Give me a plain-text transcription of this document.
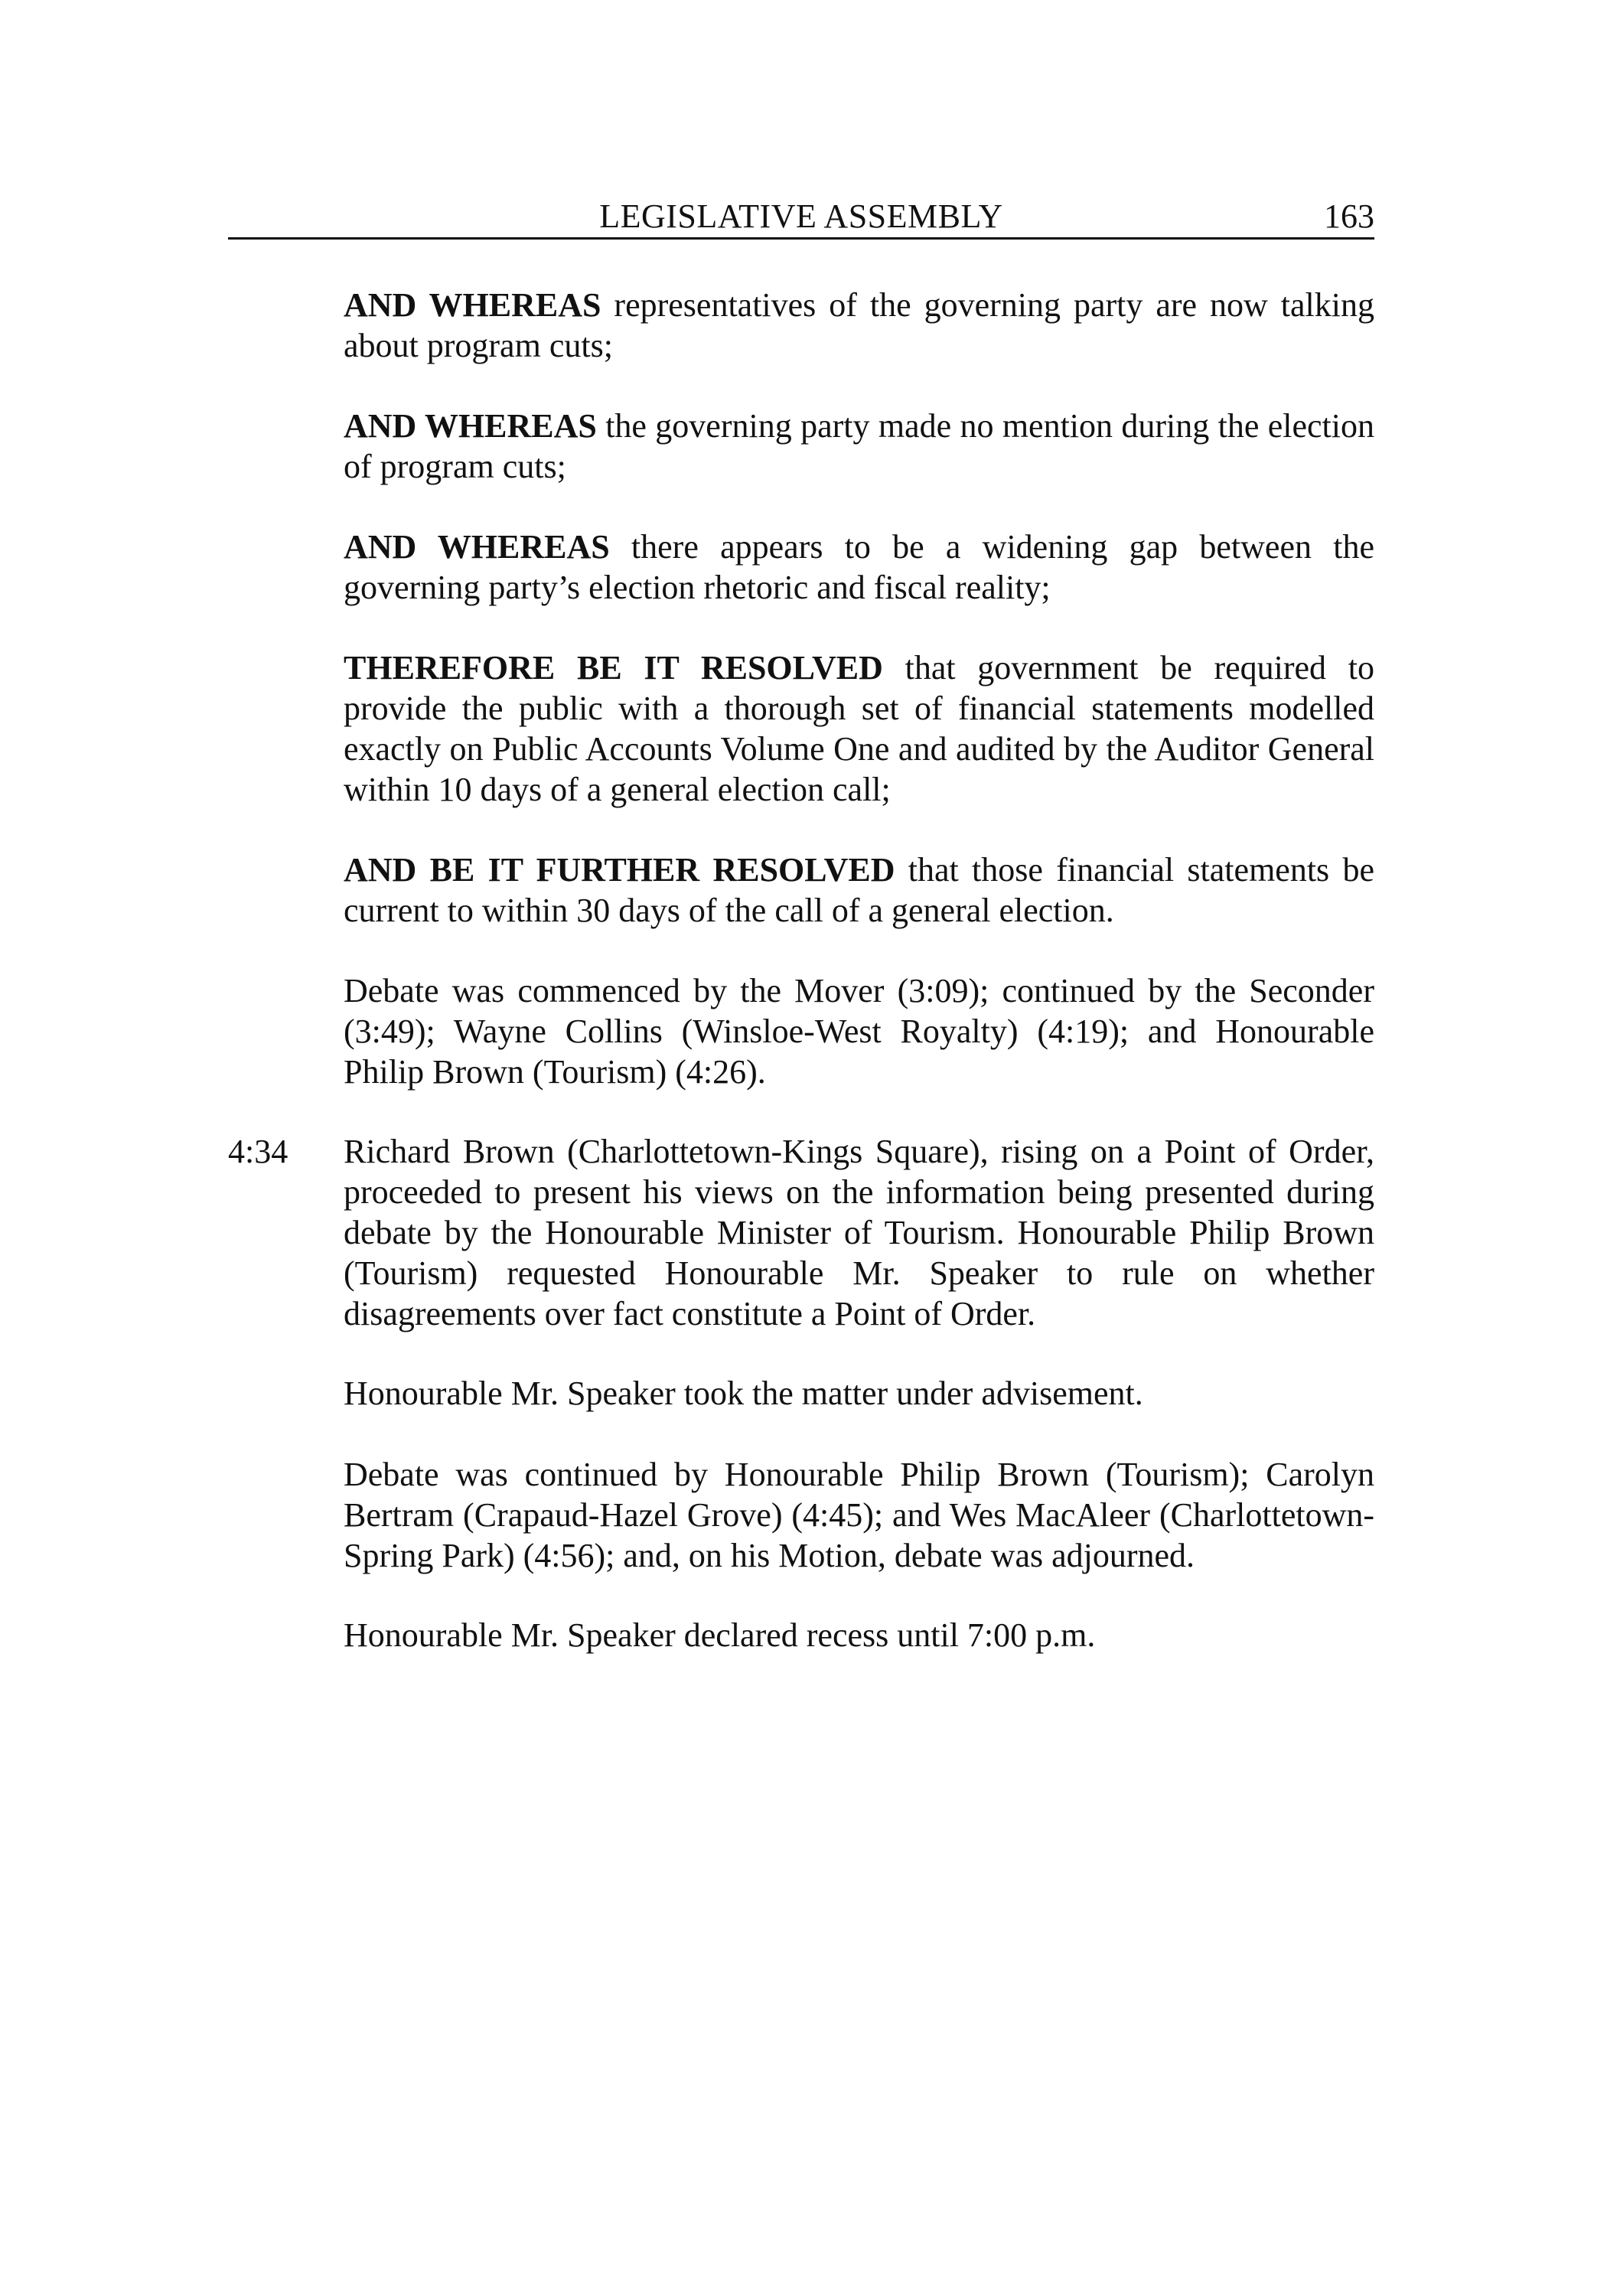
LEGISLATIVE ASSEMBLY	163

AND WHEREAS representatives of the governing party are now talking about program cuts;

AND WHEREAS the governing party made no mention during the election of program cuts;

AND WHEREAS there appears to be a widening gap between the governing party’s election rhetoric and fiscal reality;

THEREFORE BE IT RESOLVED that government be required to provide the public with a thorough set of financial statements modelled exactly on Public Accounts Volume One and audited by the Auditor General within 10 days of a general election call;

AND BE IT FURTHER RESOLVED that those financial statements be current to within 30 days of the call of a general election.

Debate was commenced by the Mover (3:09); continued by the Seconder (3:49); Wayne Collins (Winsloe-West Royalty) (4:19); and Honourable Philip Brown (Tourism) (4:26).

4:34 Richard Brown (Charlottetown-Kings Square), rising on a Point of Order, proceeded to present his views on the information being presented during debate by the Honourable Minister of Tourism. Honourable Philip Brown (Tourism) requested Honourable Mr. Speaker to rule on whether disagreements over fact constitute a Point of Order.

Honourable Mr. Speaker took the matter under advisement.

Debate was continued by Honourable Philip Brown (Tourism); Carolyn Bertram (Crapaud-Hazel Grove) (4:45); and Wes MacAleer (Charlottetown-Spring Park) (4:56); and, on his Motion, debate was adjourned.

Honourable Mr. Speaker declared recess until 7:00 p.m.
